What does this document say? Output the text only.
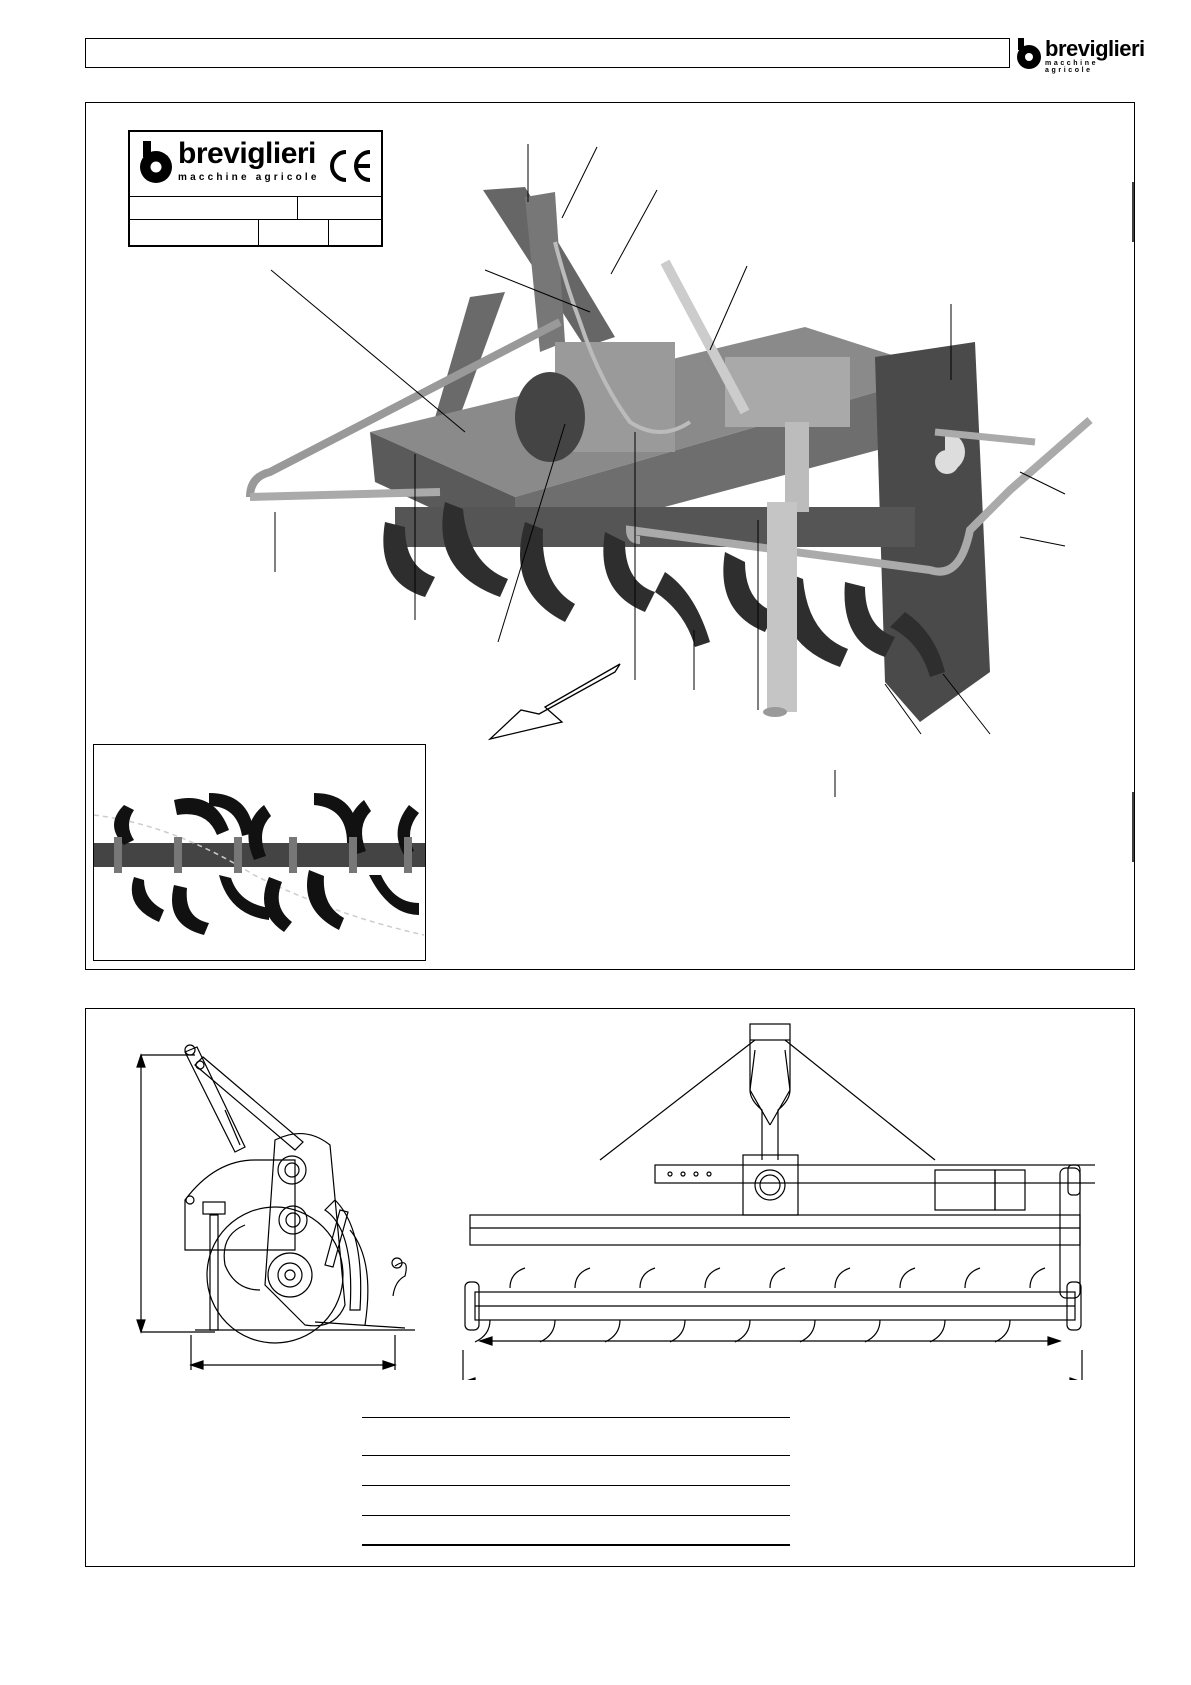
breviglieri
macchine agricole
breviglieri
macchine agricole
